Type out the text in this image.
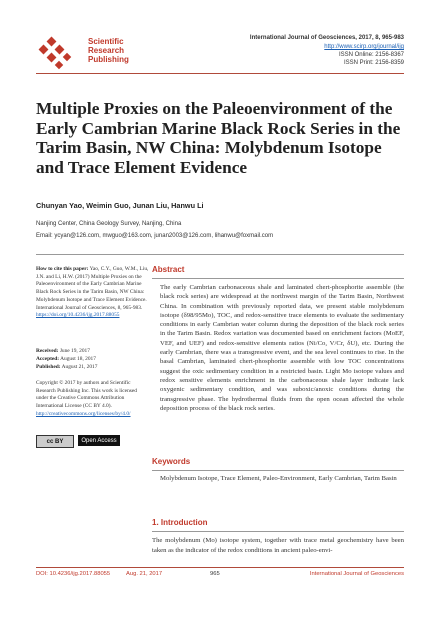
Scientific
Research
Publishing
International Journal of Geosciences, 2017, 8, 965-983
http://www.scirp.org/journal/ijg
ISSN Online: 2156-8367
ISSN Print: 2156-8359
Multiple Proxies on the Paleoenvironment of the Early Cambrian Marine Black Rock Series in the Tarim Basin, NW China: Molybdenum Isotope and Trace Element Evidence
Chunyan Yao, Weimin Guo, Junan Liu, Hanwu Li
Nanjing Center, China Geology Survey, Nanjing, China
Email: ycyan@126.com, mwguo@163.com, junan2003@126.com, lihanwu@foxmail.com
How to cite this paper: Yao, C.Y., Guo, W.M., Liu, J.N. and Li, H.W. (2017) Multiple Proxies on the Paleoenvironment of the Early Cambrian Marine Black Rock Series in the Tarim Basin, NW China: Molybdenum Isotope and Trace Element Evidence. International Journal of Geosciences, 8, 965-983. https://doi.org/10.4236/ijg.2017.88055
Received: June 19, 2017
Accepted: August 18, 2017
Published: August 21, 2017
Copyright © 2017 by authors and Scientific Research Publishing Inc. This work is licensed under the Creative Commons Attribution International License (CC BY 4.0). http://creativecommons.org/licenses/by/4.0/
cc BY	Open Access
Abstract
The early Cambrian carbonaceous shale and laminated chert-phosphorite assemble (the black rock series) are widespread at the northwest margin of the Tarim Basin, Northwest China. In combination with previously reported data, we present stable molybdenum isotope (δ98/95Mo), TOC, and redox-sensitive trace elements to evaluate the sedimentary conditions in early Cambrian water column during the deposition of the black rock series in the Tarim Basin. Redox variation was documented based on enrichment factors (MoEF, VEF, and UEF) and redox-sensitive elements ratios (Ni/Co, V/Cr, δU), etc. During the early Cambrian, there was a transgressive event, and the sea level continues to rise. In the basal Cambrian, laminated chert-phosphorite assemble with low TOC concentrations suggest the oxic sedimentary condition in a restricted basin. Light Mo isotope values and redox sensitive elements enrichment in the carbonaceous shale layer indicate lack oxygenic sedimentary condition, and was suboxic/anoxic conditions during the transgressive phase. The hydrothermal fluids from the open ocean affected the whole deposition process of the black rock series.
Keywords
Molybdenum Isotope, Trace Element, Paleo-Environment, Early Cambrian, Tarim Basin
1. Introduction
The molybdenum (Mo) isotope system, together with trace metal geochemistry have been taken as the indicator of the redox conditions in ancient paleo-envi-
DOI: 10.4236/ijg.2017.88055	Aug. 21, 2017	965	International Journal of Geosciences
